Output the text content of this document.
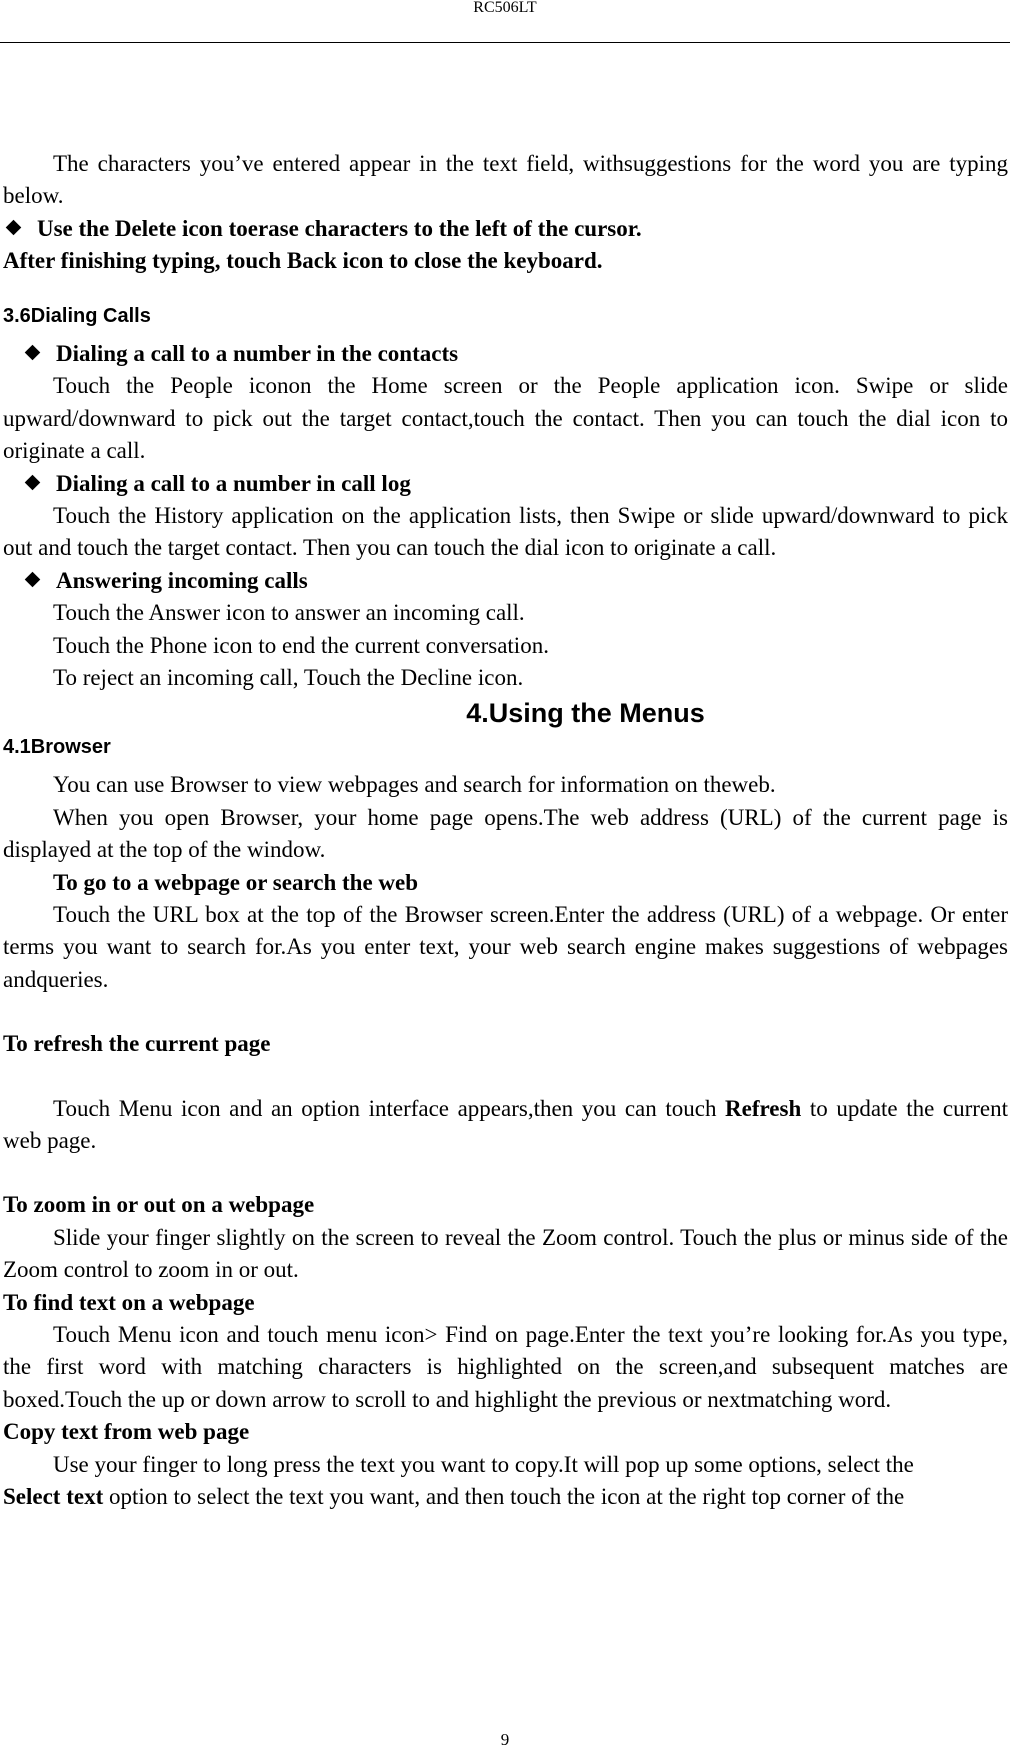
RC506LT

The characters you’ve entered appear in the text field, withsuggestions for the word you are typing below.

Use the Delete icon toerase characters to the left of the cursor.

After finishing typing, touch Back icon to close the keyboard.

3.6Dialing Calls

Dialing a call to a number in the contacts

Touch the People iconon the Home screen or the People application icon. Swipe or slide upward/downward to pick out the target contact,touch the contact. Then you can touch the dial icon to originate a call.

Dialing a call to a number in call log

Touch the History application on the application lists, then Swipe or slide upward/downward to pick out and touch the target contact. Then you can touch the dial icon to originate a call.

Answering incoming calls

Touch the Answer icon to answer an incoming call.

Touch the Phone icon to end the current conversation.

To reject an incoming call, Touch the Decline icon.

4.Using the Menus

4.1Browser

You can use Browser to view webpages and search for information on theweb.

When you open Browser, your home page opens.The web address (URL) of the current page is displayed at the top of the window.

To go to a webpage or search the web

Touch the URL box at the top of the Browser screen.Enter the address (URL) of a webpage. Or enter terms you want to search for.As you enter text, your web search engine makes suggestions of webpages andqueries.

To refresh the current page

Touch Menu icon and an option interface appears,then you can touch Refresh to update the current web page.

To zoom in or out on a webpage

Slide your finger slightly on the screen to reveal the Zoom control. Touch the plus or minus side of the Zoom control to zoom in or out.

To find text on a webpage

Touch Menu icon and touch menu icon> Find on page.Enter the text you’re looking for.As you type, the first word with matching characters is highlighted on the screen,and subsequent matches are boxed.Touch the up or down arrow to scroll to and highlight the previous or nextmatching word.

Copy text from web page

Use your finger to long press the text you want to copy.It will pop up some options, select the

Select text option to select the text you want, and then touch the icon at the right top corner of the

9
